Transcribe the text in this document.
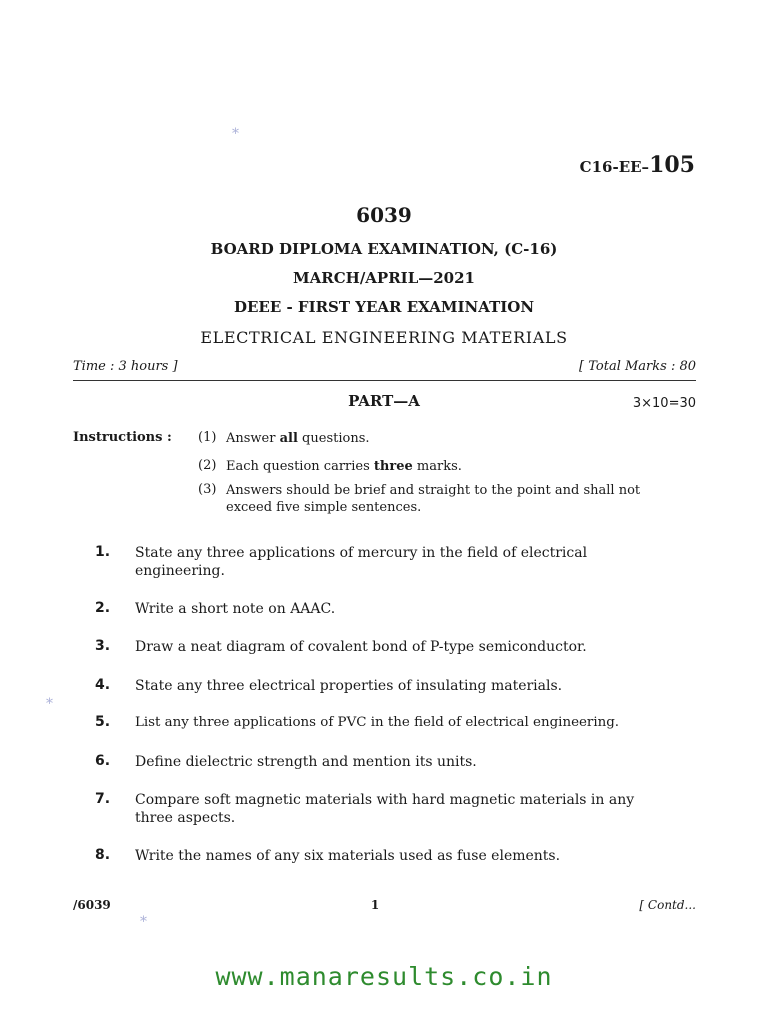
*
*
*
C16-EE–105
6039
BOARD DIPLOMA EXAMINATION, (C-16)
MARCH/APRIL—2021
DEEE - FIRST YEAR EXAMINATION
ELECTRICAL ENGINEERING MATERIALS
Time : 3 hours ]	[ Total Marks : 80
PART—A	3×10=30
Instructions : (1) Answer all questions.
(2) Each question carries three marks.
(3) Answers should be brief and straight to the point and shall not exceed five simple sentences.
1.	State any three applications of mercury in the field of electrical engineering.
2.	Write a short note on AAAC.
3.	Draw a neat diagram of covalent bond of P-type semiconductor.
4.	State any three electrical properties of insulating materials.
5.	List any three applications of PVC in the field of electrical engineering.
6.	Define dielectric strength and mention its units.
7.	Compare soft magnetic materials with hard magnetic materials in any three aspects.
8.	Write the names of any six materials used as fuse elements.
/6039	1	[ Contd...
www.manaresults.co.in
